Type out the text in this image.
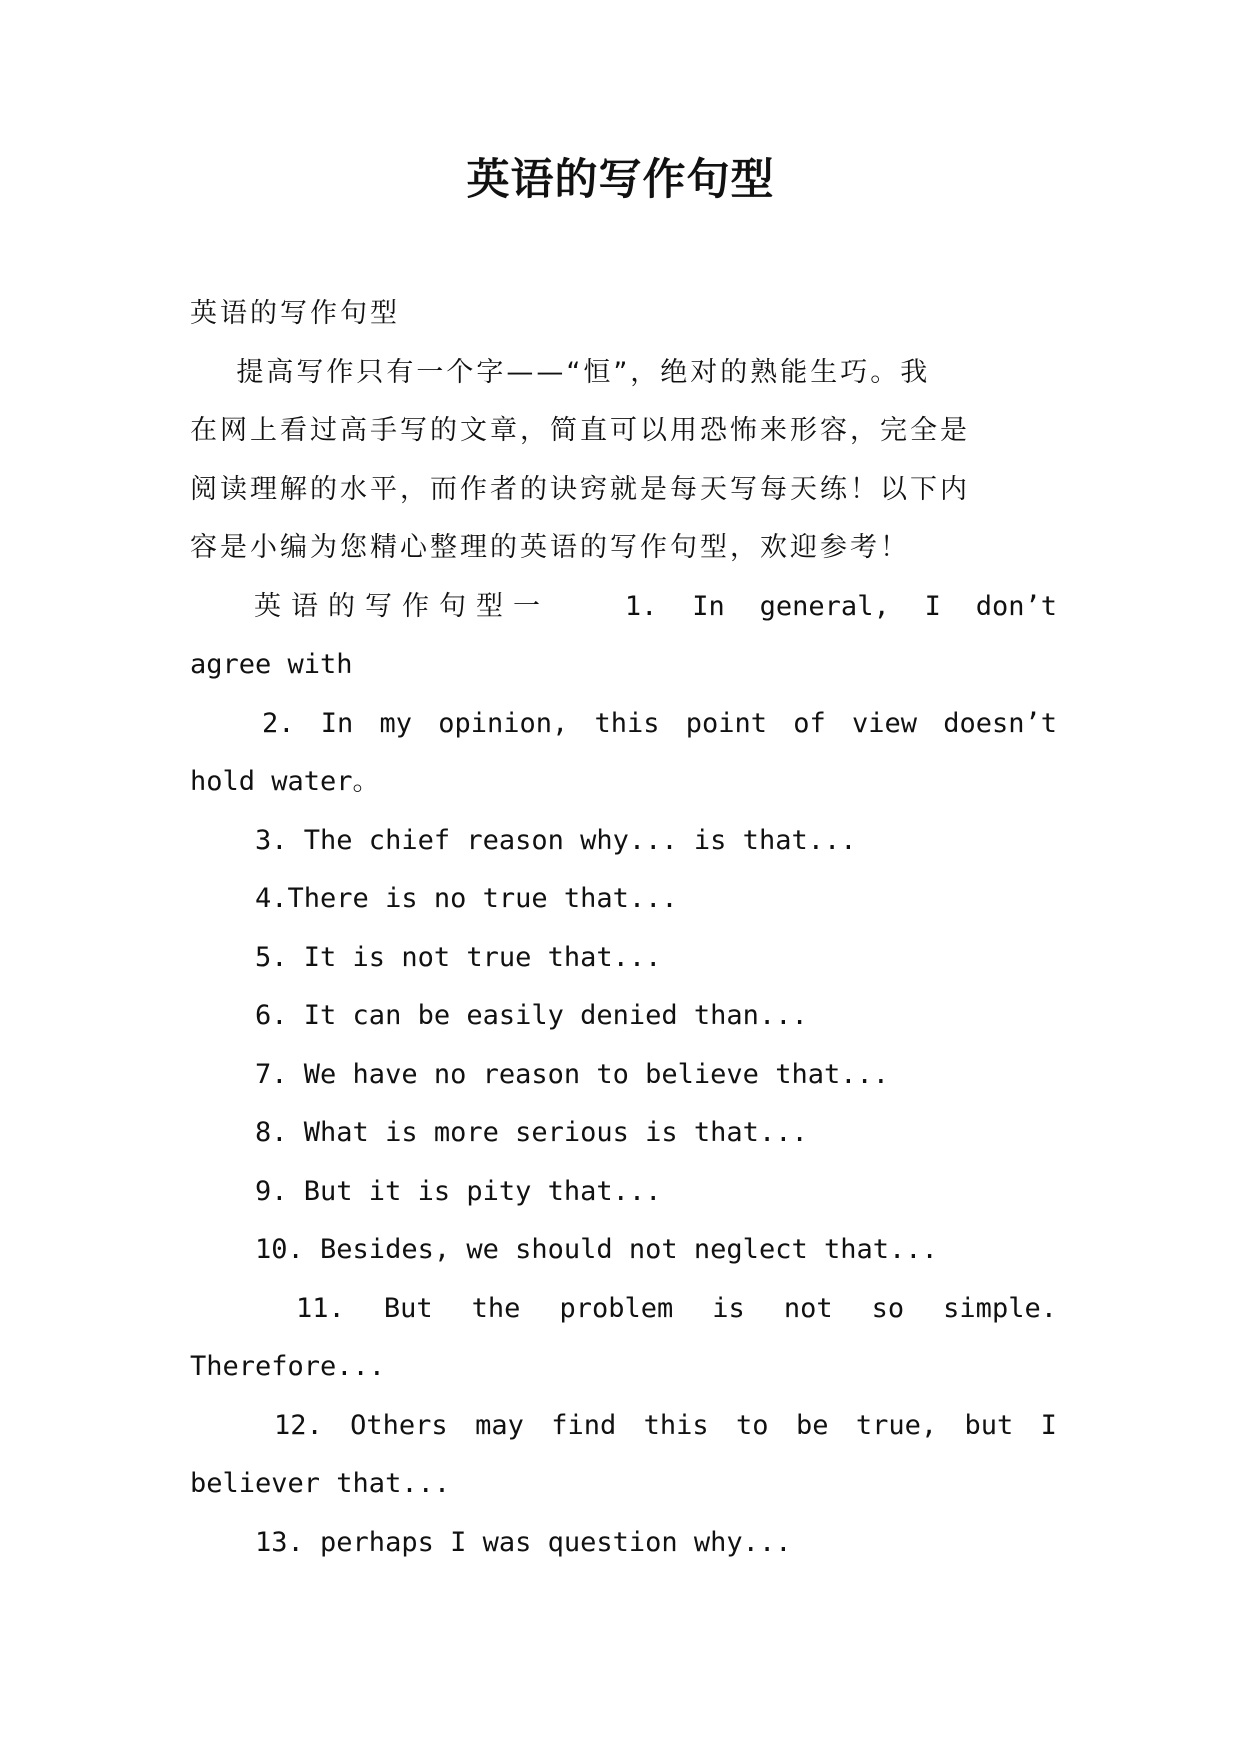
英语的写作句型
英语的写作句型
提高写作只有一个字——“恒”，绝对的熟能生巧。我
在网上看过高手写的文章，简直可以用恐怖来形容，完全是
阅读理解的水平，而作者的诀窍就是每天写每天练！以下内
容是小编为您精心整理的英语的写作句型，欢迎参考！
英语的写作句型一	1. In general, I don’t
agree with
2. In my opinion, this point of view doesn’t
hold water。
3. The chief reason why... is that...
4.There is no true that...
5. It is not true that...
6. It can be easily denied than...
7. We have no reason to believe that...
8. What is more serious is that...
9. But it is pity that...
10. Besides, we should not neglect that...
11. But the problem is not so simple.
Therefore...
12. Others may find this to be true, but I
believer that...
13. perhaps I was question why...
